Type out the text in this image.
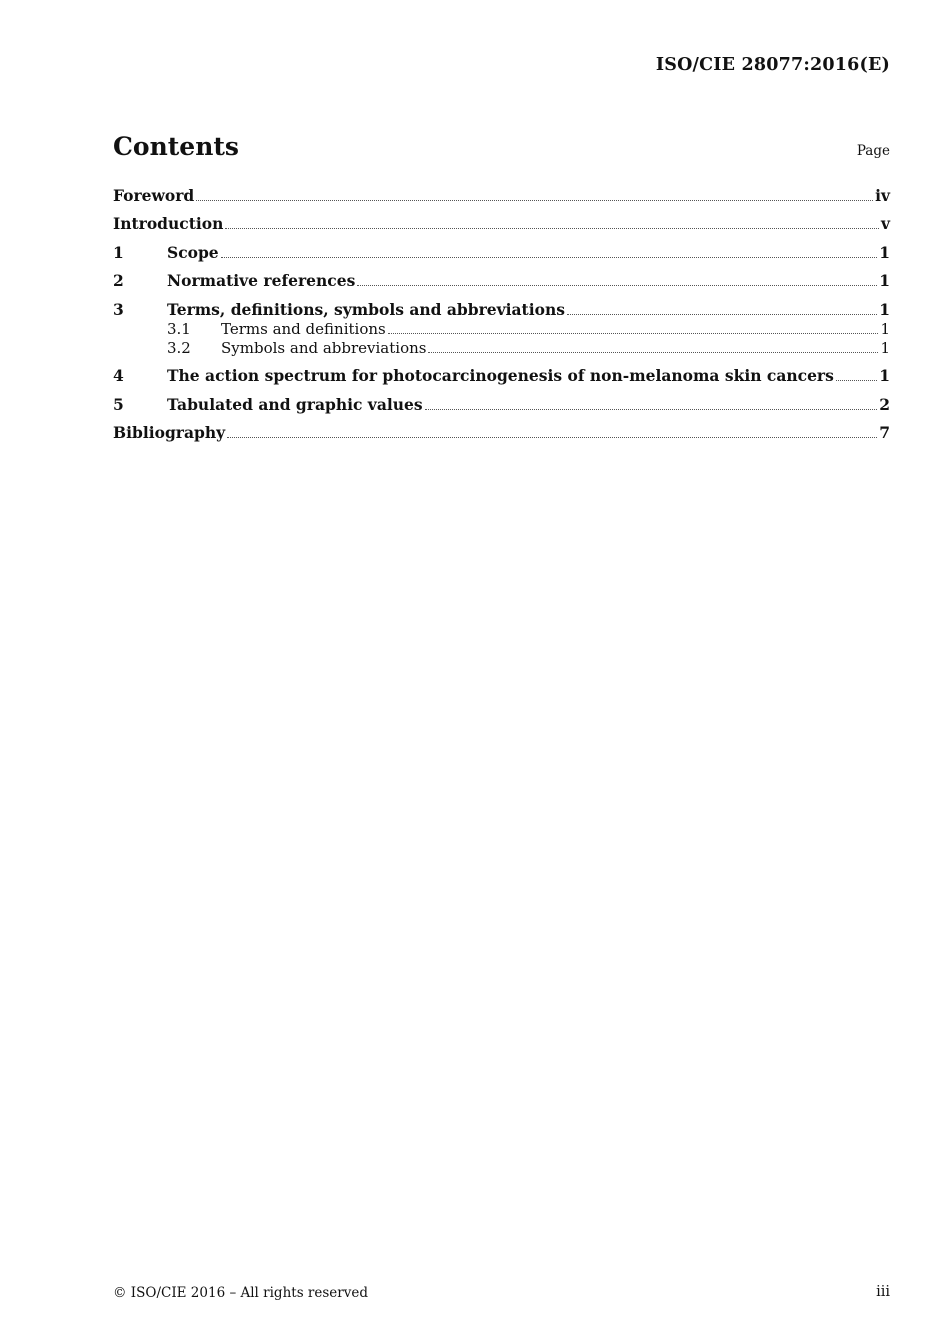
ISO/CIE 28077:2016(E)
Contents	Page
Foreword	iv
Introduction	v
1	Scope	1
2	Normative references	1
3	Terms, definitions, symbols and abbreviations	1
3.1	Terms and definitions	1
3.2	Symbols and abbreviations	1
4	The action spectrum for photocarcinogenesis of non-melanoma skin cancers	1
5	Tabulated and graphic values	2
Bibliography	7
© ISO/CIE 2016 – All rights reserved	iii
